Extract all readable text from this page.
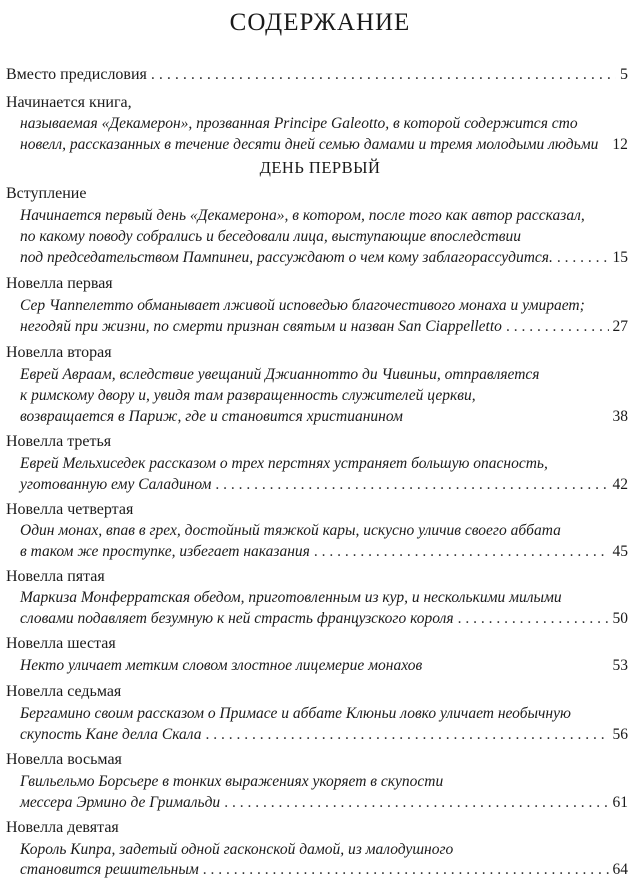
СОДЕРЖАНИЕ
Вместо предисловия . . .	5
Начинается книга,
называемая «Декамерон», прозванная Principe Galeotto, в которой содержится сто
новелл, рассказанных в течение десяти дней семью дамами и тремя молодыми людьми 12
ДЕНЬ ПЕРВЫЙ
Вступление
Начинается первый день «Декамерона», в котором, после того как автор рассказал,
по какому поводу собрались и беседовали лица, выступающие впоследствии
под председательством Пампинеи, рассуждают о чем кому заблагорассудится. . . .	15
Новелла первая
Сер Чаппелетто обманывает лживой исповедью благочестивого монаха и умирает;
негодяй при жизни, по смерти признан святым и назван San Ciappelletto . . .	27
Новелла вторая
Еврей Авраам, вследствие увещаний Джианнотто ди Чивиньи, отправляется
к римскому двору и, увидя там развращенность служителей церкви,
возвращается в Париж, где и становится христианином	38
Новелла третья
Еврей Мельхиседек рассказом о трех перстнях устраняет большую опасность,
уготованную ему Саладином . . .	42
Новелла четвертая
Один монах, впав в грех, достойный тяжкой кары, искусно уличив своего аббата
в таком же проступке, избегает наказания . . .	45
Новелла пятая
Маркиза Монферратская обедом, приготовленным из кур, и несколькими милыми
словами подавляет безумную к ней страсть французского короля . . .	50
Новелла шестая
Некто уличает метким словом злостное лицемерие монахов	53
Новелла седьмая
Бергамино своим рассказом о Примасе и аббате Клюньи ловко уличает необычную
скупость Кане делла Скала . . .	56
Новелла восьмая
Гвильельмо Борсьере в тонких выражениях укоряет в скупости
мессера Эрмино де Гримальди . . .	61
Новелла девятая
Король Кипра, задетый одной гасконской дамой, из малодушного
становится решительным . . .	64
